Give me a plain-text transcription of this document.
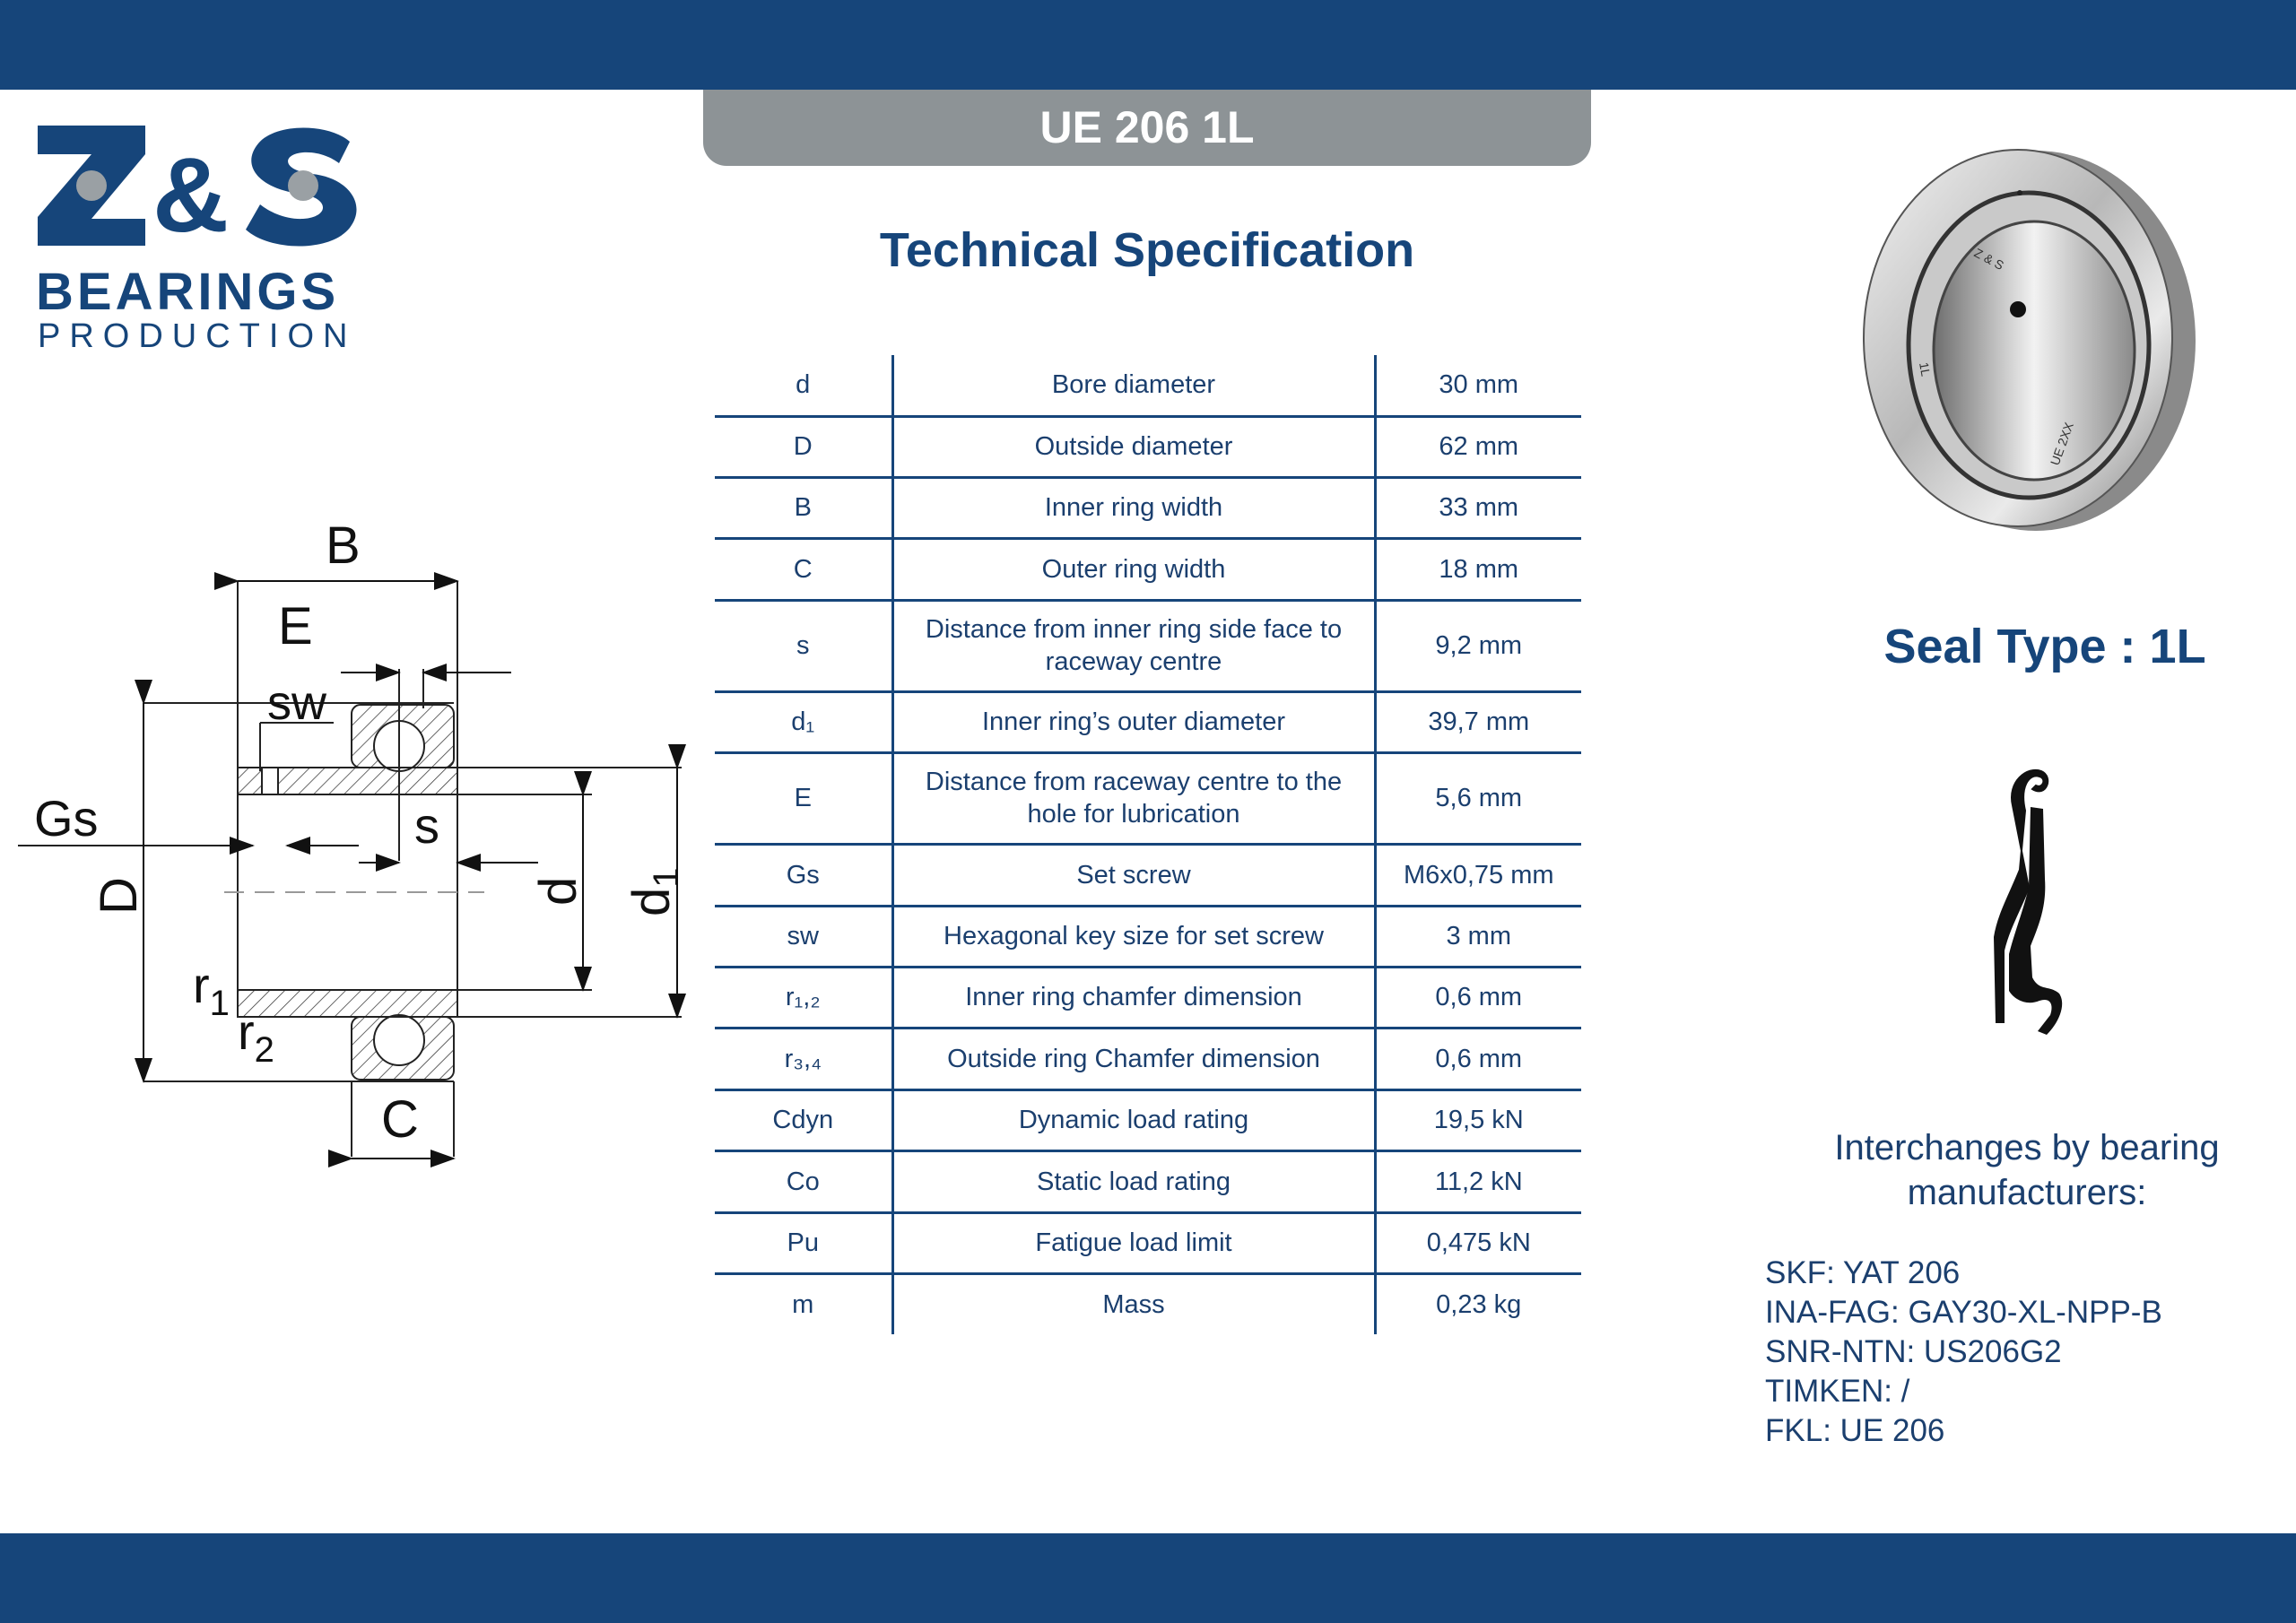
&
BEARINGS
PRODUCTION
UE 206 1L
Technical Specification
d	Bore diameter	30 mm
D	Outside diameter	62 mm
B	Inner ring width	33 mm
C	Outer ring width	18 mm
s	Distance from inner ring side face to raceway centre	9,2 mm
d₁	Inner ring’s outer diameter	39,7 mm
E	Distance from raceway centre to the hole for lubrication	5,6 mm
Gs	Set screw	M6x0,75 mm
sw	Hexagonal key size for set screw	3 mm
r₁,₂	Inner ring chamfer dimension	0,6 mm
r₃,₄	Outside ring Chamfer dimension	0,6 mm
Cdyn	Dynamic load rating	19,5 kN
Co	Static load rating	11,2 kN
Pu	Fatigue load limit	0,475 kN
m	Mass	0,23 kg
B
E
sw
Gs	s
D	d d1
$r_1$ $r_2$
C
Z & S
UE 2XX
1L
Seal Type : 1L
Interchanges by bearing
manufacturers:
SKF: YAT 206
INA-FAG: GAY30-XL-NPP-B
SNR-NTN: US206G2
TIMKEN: /
FKL: UE 206
